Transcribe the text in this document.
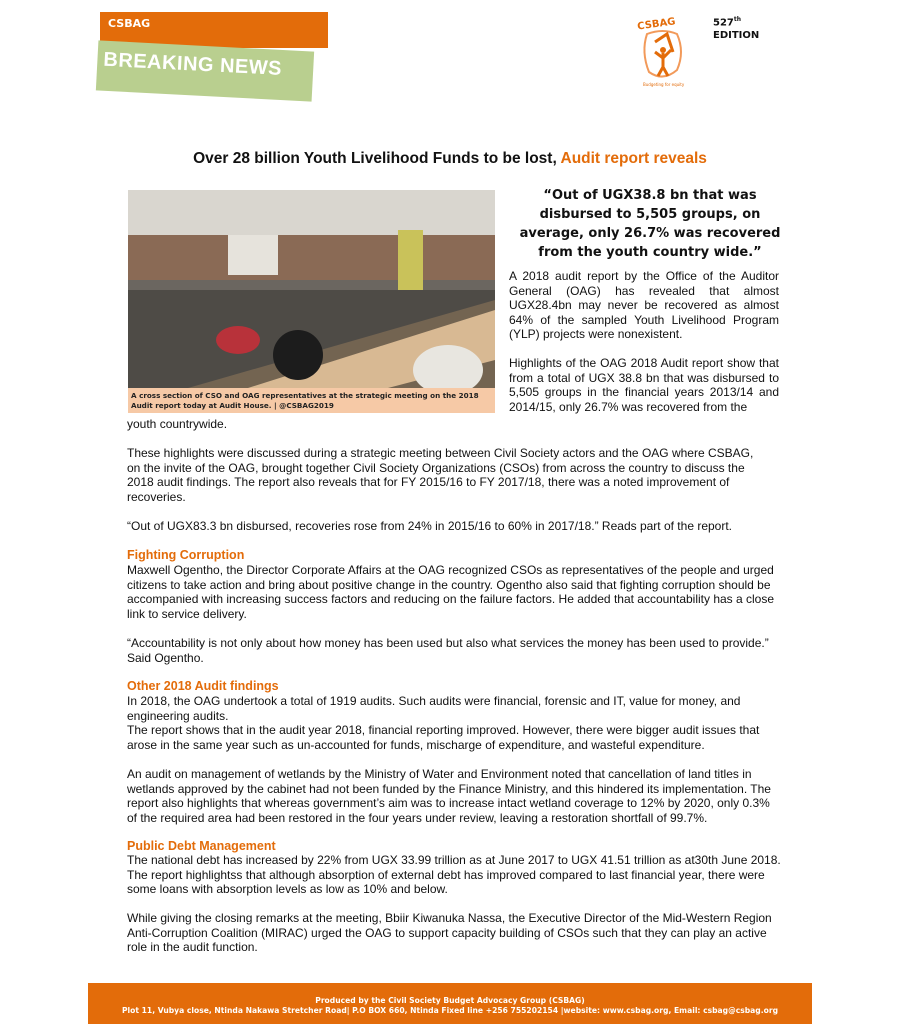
CSBAG
BREAKING NEWS
CSBAG
Budgeting for equity
527th
EDITION
Over 28 billion Youth Livelihood Funds to be lost, Audit report reveals
A cross section of CSO and OAG representatives at the strategic meeting on the 2018 Audit report today at Audit House. | @CSBAG2019
“Out of UGX38.8 bn that was disbursed to 5,505 groups, on average, only 26.7% was recovered from the youth country wide.”

A 2018 audit report by the Office of the Auditor General (OAG) has revealed that almost UGX28.4bn may never be recovered as almost 64% of the sampled Youth Livelihood Program (YLP) projects were nonexistent.

Highlights of the OAG 2018 Audit report show that from a total of UGX 38.8 bn that was disbursed to 5,505 groups in the financial years 2013/14 and 2014/15, only 26.7% was recovered from the

youth countrywide.

These highlights were discussed during a strategic meeting between Civil Society actors and the OAG where CSBAG, on the invite of the OAG, brought together Civil Society Organizations (CSOs) from across the country to discuss the 2018 audit findings. The report also reveals that for FY 2015/16 to FY 2017/18, there was a noted improvement of recoveries.

“Out of UGX83.3 bn disbursed, recoveries rose from 24% in 2015/16 to 60% in 2017/18.” Reads part of the report.

Fighting Corruption

Maxwell Ogentho, the Director Corporate Affairs at the OAG recognized CSOs as representatives of the people and urged citizens to take action and bring about positive change in the country. Ogentho also said that fighting corruption should be accompanied with increasing success factors and reducing on the failure factors. He added that accountability has a close link to service delivery.

“Accountability is not only about how money has been used but also what services the money has been used to provide.” Said Ogentho.

Other 2018 Audit findings

In 2018, the OAG undertook a total of 1919 audits. Such audits were financial, forensic and IT, value for money, and engineering audits.

The report shows that in the audit year 2018, financial reporting improved. However, there were bigger audit issues that arose in the same year such as un-accounted for funds, mischarge of expenditure, and wasteful expenditure.

An audit on management of wetlands by the Ministry of Water and Environment noted that cancellation of land titles in wetlands approved by the cabinet had not been funded by the Finance Ministry, and this hindered its implementation. The report also highlights that whereas government’s aim was to increase intact wetland coverage to 12% by 2020, only 0.3% of the required area had been restored in the four years under review, leaving a restoration shortfall of 99.7%.

Public Debt Management

The national debt has increased by 22% from UGX 33.99 trillion as at June 2017 to UGX 41.51 trillion as at30th June 2018. The report highlightss that although absorption of external debt has improved compared to last financial year, there were some loans with absorption levels as low as 10% and below.

While giving the closing remarks at the meeting, Bbiir Kiwanuka Nassa, the Executive Director of the Mid-Western Region Anti-Corruption Coalition (MIRAC) urged the OAG to support capacity building of CSOs such that they can play an active role in the audit function.

Produced by the Civil Society Budget Advocacy Group (CSBAG)
Plot 11, Vubya close, Ntinda Nakawa Stretcher Road| P.O BOX 660, Ntinda Fixed line +256 755202154 |website: www.csbag.org, Email: csbag@csbag.org
